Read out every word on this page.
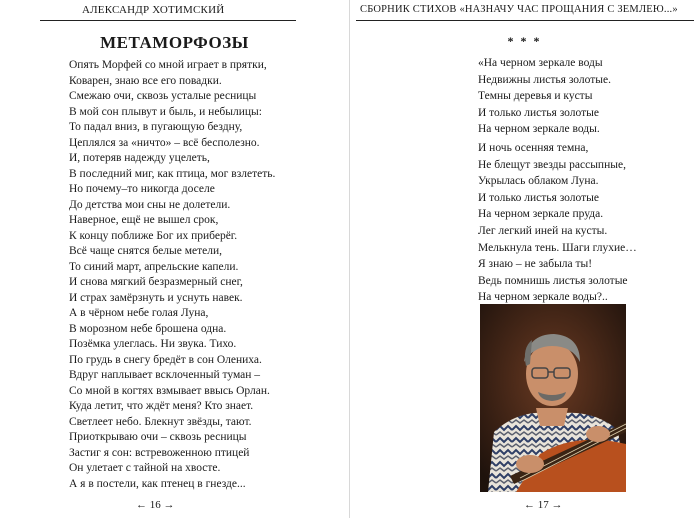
АЛЕКСАНДР ХОТИМСКИЙ
МЕТАМОРФОЗЫ
Опять Морфей со мной играет в прятки,
Коварен, знаю все его повадки.
Смежаю очи, сквозь усталые ресницы
В мой сон плывут и быль, и небылицы:
То падал вниз, в пугающую бездну,
Цеплялся за «ничто» – всё бесполезно.
И, потеряв надежду уцелеть,
В последний миг, как птица, мог взлететь.
Но почему–то никогда доселе
До детства мои сны не долетели.
Наверное, ещё не вышел срок,
К концу поближе Бог их приберёг.
Всё чаще снятся белые метели,
То синий март, апрельские капели.
И снова мягкий безразмерный снег,
И страх замёрзнуть и уснуть навек.
А в чёрном небе голая Луна,
В морозном небе брошена одна.
Позёмка улеглась. Ни звука. Тихо.
По грудь в снегу бредёт в сон Олениха.
Вдруг наплывает всклоченный туман –
Со мной в когтях взмывает ввысь Орлан.
Куда летит, что ждёт меня? Кто знает.
Светлеет небо. Блекнут звёзды, тают.
Приоткрываю очи – сквозь ресницы
Застиг я сон: встревоженною птицей
Он улетает с тайной на хвосте.
А я в постели, как птенец в гнезде...
← 16 →
СБОРНИК СТИХОВ «НАЗНАЧУ ЧАС ПРОЩАНИЯ С ЗЕМЛЕЮ...»
* * *
«На черном зеркале воды
Недвижны листья золотые.
Темны деревья и кусты
И только листья золотые
На черном зеркале воды.
И ночь осенняя темна,
Не блещут звезды рассыпные,
Укрылась облаком Луна.
И только листья золотые
На черном зеркале пруда.
Лег легкий иней на кусты.
Мелькнула тень. Шаги глухие…
Я знаю – не забыла ты!
Ведь помнишь листья золотые
На черном зеркале воды?..
← 17 →
